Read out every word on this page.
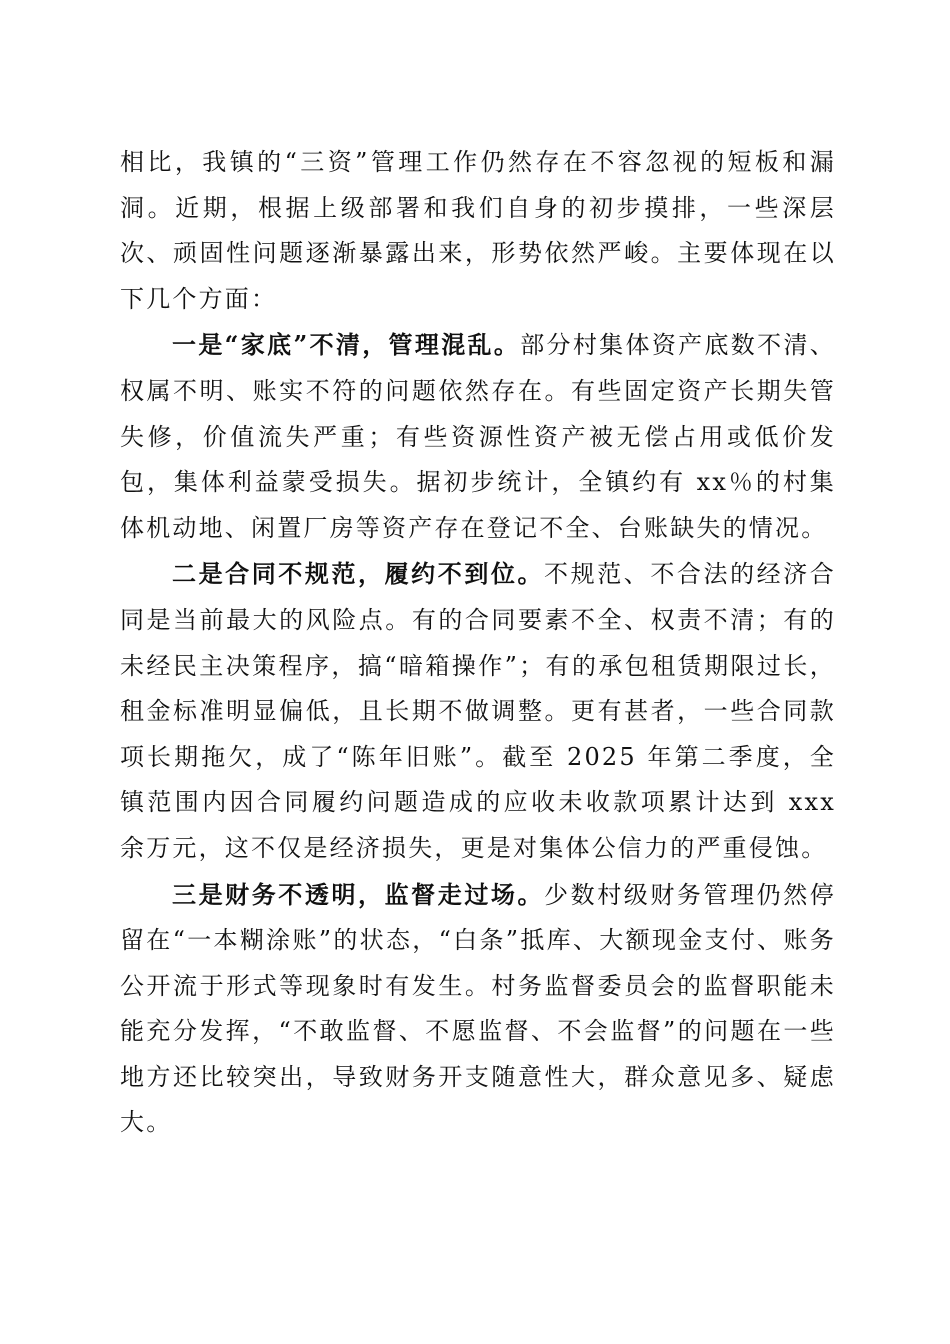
相比，我镇的“三资”管理工作仍然存在不容忽视的短板和漏洞。近期，根据上级部署和我们自身的初步摸排，一些深层次、顽固性问题逐渐暴露出来，形势依然严峻。主要体现在以下几个方面：

一是“家底”不清，管理混乱。部分村集体资产底数不清、权属不明、账实不符的问题依然存在。有些固定资产长期失管失修，价值流失严重；有些资源性资产被无偿占用或低价发包，集体利益蒙受损失。据初步统计，全镇约有 xx％的村集体机动地、闲置厂房等资产存在登记不全、台账缺失的情况。

二是合同不规范，履约不到位。不规范、不合法的经济合同是当前最大的风险点。有的合同要素不全、权责不清；有的未经民主决策程序，搞“暗箱操作”；有的承包租赁期限过长，租金标准明显偏低，且长期不做调整。更有甚者，一些合同款项长期拖欠，成了“陈年旧账”。截至 2025 年第二季度，全镇范围内因合同履约问题造成的应收未收款项累计达到 xxx 余万元，这不仅是经济损失，更是对集体公信力的严重侵蚀。

三是财务不透明，监督走过场。少数村级财务管理仍然停留在“一本糊涂账”的状态，“白条”抵库、大额现金支付、账务公开流于形式等现象时有发生。村务监督委员会的监督职能未能充分发挥，“不敢监督、不愿监督、不会监督”的问题在一些地方还比较突出，导致财务开支随意性大，群众意见多、疑虑大。
